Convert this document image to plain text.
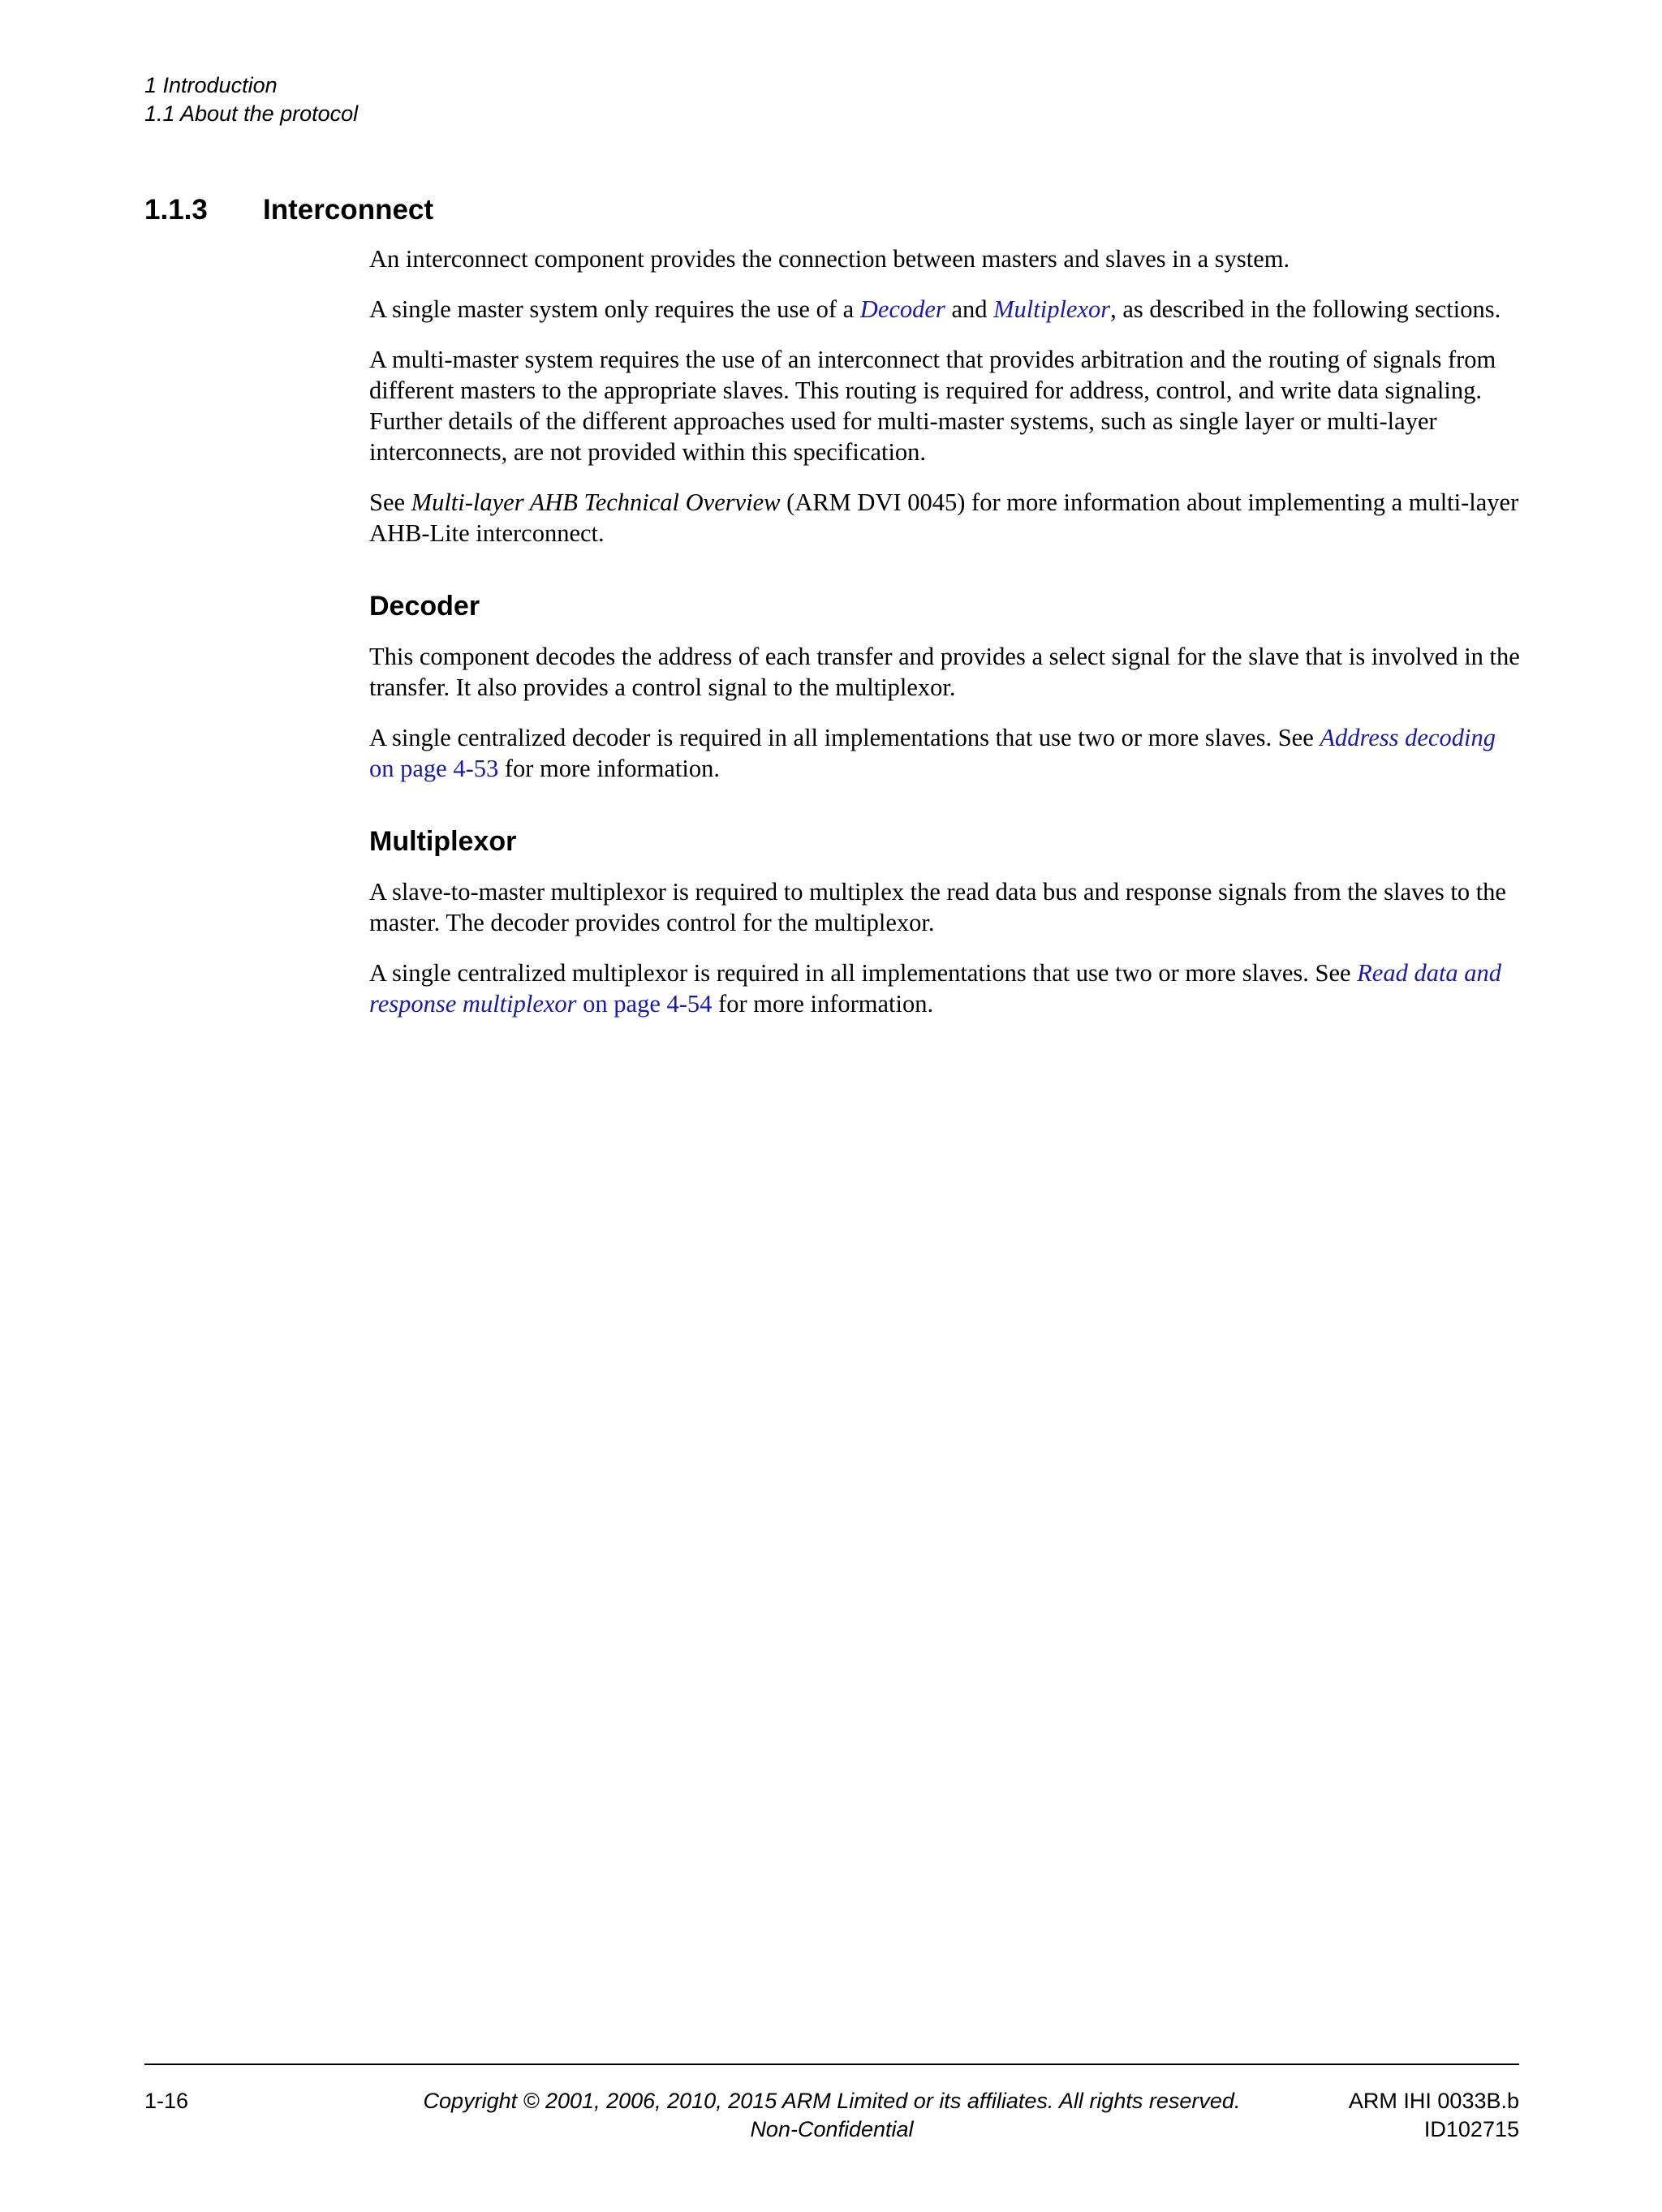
1 Introduction
1.1 About the protocol
1.1.3 Interconnect

An interconnect component provides the connection between masters and slaves in a system.

A single master system only requires the use of a Decoder and Multiplexor, as described in the following sections.

A multi-master system requires the use of an interconnect that provides arbitration and the routing of signals from different masters to the appropriate slaves. This routing is required for address, control, and write data signaling. Further details of the different approaches used for multi-master systems, such as single layer or multi-layer interconnects, are not provided within this specification.

See Multi-layer AHB Technical Overview (ARM DVI 0045) for more information about implementing a multi-layer AHB-Lite interconnect.

Decoder

This component decodes the address of each transfer and provides a select signal for the slave that is involved in the transfer. It also provides a control signal to the multiplexor.

A single centralized decoder is required in all implementations that use two or more slaves. See Address decoding on page 4-53 for more information.

Multiplexor

A slave-to-master multiplexor is required to multiplex the read data bus and response signals from the slaves to the master. The decoder provides control for the multiplexor.

A single centralized multiplexor is required in all implementations that use two or more slaves. See Read data and response multiplexor on page 4-54 for more information.

1-16	Copyright © 2001, 2006, 2010, 2015 ARM Limited or its affiliates. All rights reserved.
Non-Confidential
ARM IHI 0033B.b
ID102715
